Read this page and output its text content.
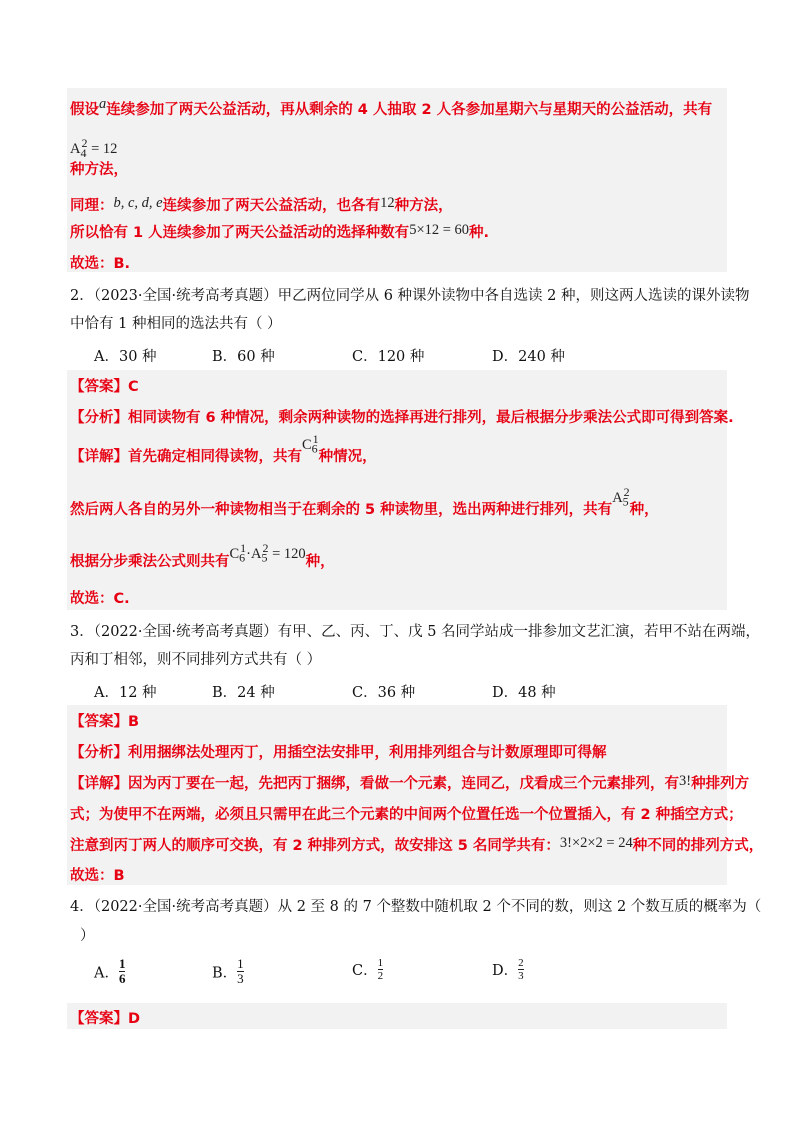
假设a连续参加了两天公益活动，再从剩余的 4 人抽取 2 人各参加星期六与星期天的公益活动，共有
$A_4^2 = 12$
种方法，
同理：b, c, d, e连续参加了两天公益活动，也各有12种方法，
所以恰有 1 人连续参加了两天公益活动的选择种数有5×12 = 60种.
故选：B.
2．（2023·全国·统考高考真题）甲乙两位同学从 6 种课外读物中各自选读 2 种，则这两人选读的课外读物
中恰有 1 种相同的选法共有（ ）
A．30 种	B．60 种	C．120 种	D．240 种
【答案】C
【分析】相同读物有 6 种情况，剩余两种读物的选择再进行排列，最后根据分步乘法公式即可得到答案.
【详解】首先确定相同得读物，共有$C_6^1$种情况，
然后两人各自的另外一种读物相当于在剩余的 5 种读物里，选出两种进行排列，共有$A_5^2$种，
根据分步乘法公式则共有$C_6^1\cdot A_5^2 = 120$种，
故选：C.
3．（2022·全国·统考高考真题）有甲、乙、丙、丁、戊 5 名同学站成一排参加文艺汇演，若甲不站在两端，
丙和丁相邻，则不同排列方式共有（ ）
A．12 种	B．24 种	C．36 种	D．48 种
【答案】B
【分析】利用捆绑法处理丙丁，用插空法安排甲，利用排列组合与计数原理即可得解
【详解】因为丙丁要在一起，先把丙丁捆绑，看做一个元素，连同乙，戊看成三个元素排列，有3!种排列方
式；为使甲不在两端，必须且只需甲在此三个元素的中间两个位置任选一个位置插入，有 2 种插空方式；
注意到丙丁两人的顺序可交换，有 2 种排列方式，故安排这 5 名同学共有：3!×2×2 = 24种不同的排列方式，
故选：B
4．（2022·全国·统考高考真题）从 2 至 8 的 7 个整数中随机取 2 个不同的数，则这 2 个数互质的概率为（
）
A． $\frac{1}{6}$	B． $\frac{1}{3}$	C． $\frac{1}{2}$	D． $\frac{2}{3}$
【答案】D
